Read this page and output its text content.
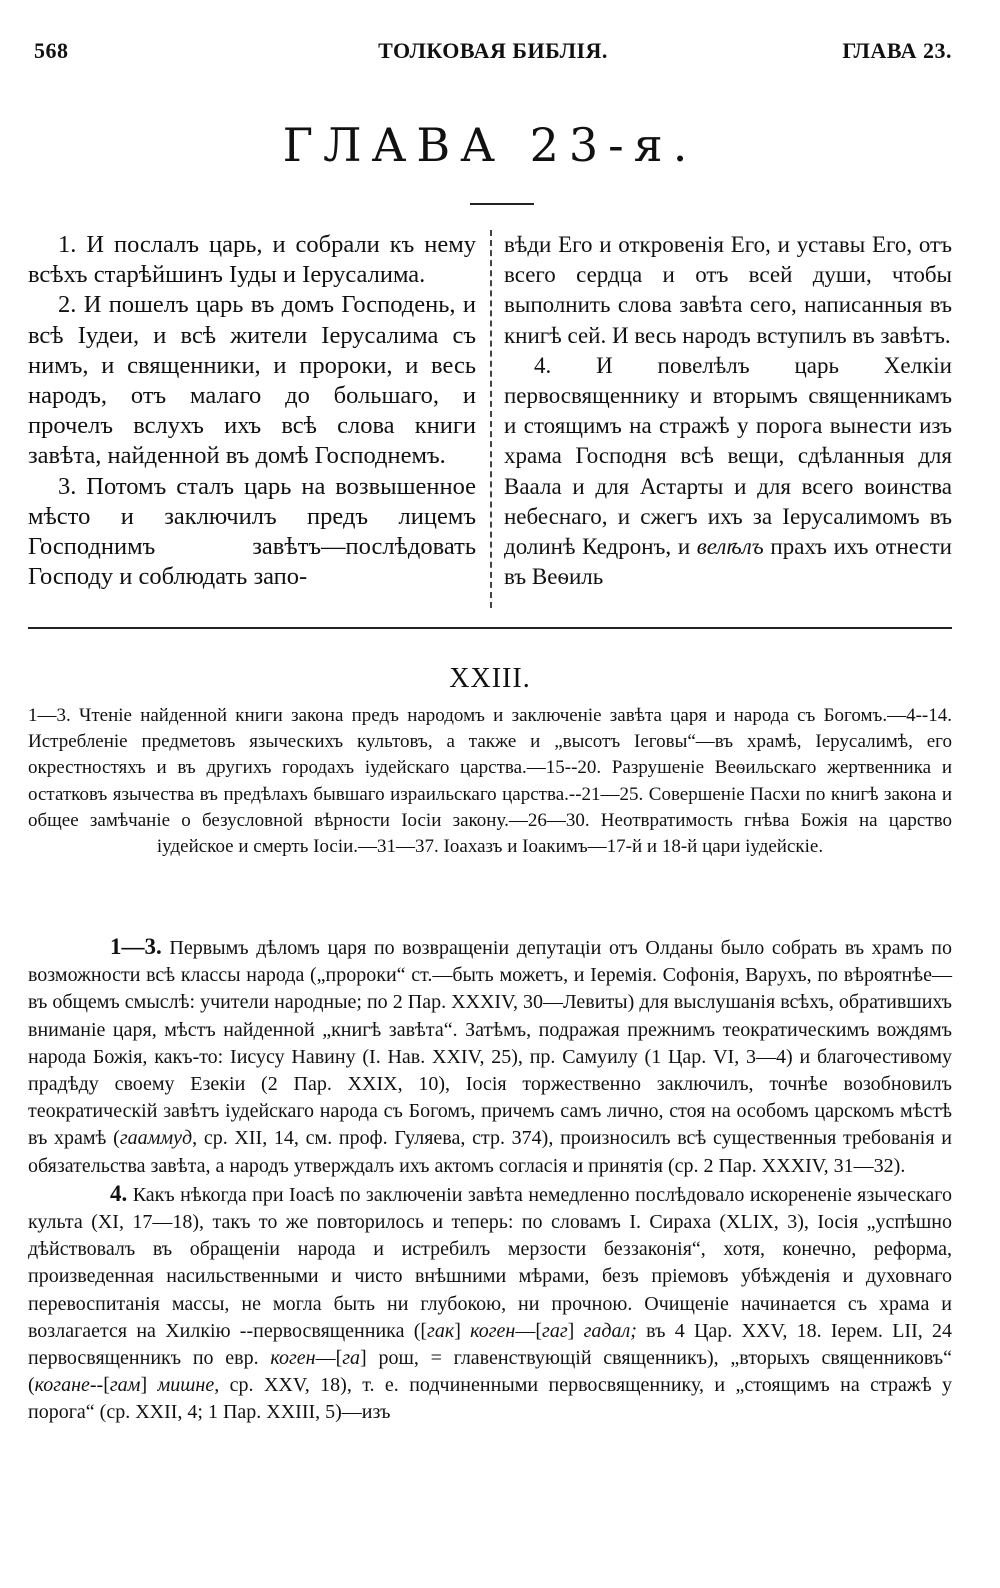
568	ТОЛКОВАЯ БИБЛІЯ.	ГЛАВА 23.
ГЛАВА 23-я.

1. И послалъ царь, и собрали къ нему всѣхъ старѣйшинъ Іуды и Іерусалима.

2. И пошелъ царь въ домъ Господень, и всѣ Іудеи, и всѣ жители Іерусалима съ нимъ, и священники, и пророки, и весь народъ, отъ малаго до большаго, и прочелъ вслухъ ихъ всѣ слова книги завѣта, найденной въ домѣ Господнемъ.

3. Потомъ сталъ царь на возвышенное мѣсто и заключилъ предъ лицемъ Господнимъ завѣтъ—послѣдовать Господу и соблюдать запо-

вѣди Его и откровенія Его, и уставы Его, отъ всего сердца и отъ всей души, чтобы выполнить слова завѣта сего, написанныя въ книгѣ сей. И весь народъ вступилъ въ завѣтъ.

4. И повелѣлъ царь Хелкіи первосвященнику и вторымъ священникамъ и стоящимъ на стражѣ у порога вынести изъ храма Господня всѣ вещи, сдѣланныя для Ваала и для Астарты и для всего воинства небеснаго, и сжегъ ихъ за Іерусалимомъ въ долинѣ Кедронъ, и велѣлъ прахъ ихъ отнести въ Веѳиль

XXIII.

1—3. Чтеніе найденной книги закона предъ народомъ и заключеніе завѣта царя и народа съ Богомъ.—4--14. Истребленіе предметовъ языческихъ культовъ, а также и „высотъ Іеговы“—въ храмѣ, Іерусалимѣ, его окрестностяхъ и въ другихъ городахъ іудейскаго царства.—15--20. Разрушеніе Веѳильскаго жертвенника и остатковъ язычества въ предѣлахъ бывшаго израильскаго царства.--21—25. Совершеніе Пасхи по книгѣ закона и общее замѣчаніе о безусловной вѣрности Іосіи закону.—26—30. Неотвратимость гнѣва Божія на царство іудейское и смерть Іосіи.—31—37. Іоахазъ и Іоакимъ—17-й и 18-й цари іудейскіе.

1—3. Первымъ дѣломъ царя по возвращеніи депутаціи отъ Олданы было собрать въ храмъ по возможности всѣ классы народа („пророки“ ст.—быть можетъ, и Іеремія. Софонія, Варухъ, по вѣроятнѣе—въ общемъ смыслѣ: учители народные; по 2 Пар. XXXIV, 30—Левиты) для выслушанія всѣхъ, обратившихъ вниманіе царя, мѣстъ найденной „книгѣ завѣта“. Затѣмъ, подражая прежнимъ теократическимъ вождямъ народа Божія, какъ-то: Іисусу Навину (І. Нав. XXIV, 25), пр. Самуилу (1 Цар. VI, 3—4) и благочестивому прадѣду своему Езекіи (2 Пар. XXIX, 10), Іосія торжественно заключилъ, точнѣе возобновилъ теократическій завѣтъ іудейскаго народа съ Богомъ, причемъ самъ лично, стоя на особомъ царскомъ мѣстѣ въ храмѣ (гааммуд, ср. XII, 14, см. проф. Гуляева, стр. 374), произносилъ всѣ существенныя требованія и обязательства завѣта, а народъ утверждалъ ихъ актомъ согласія и принятія (ср. 2 Пар. XXXIV, 31—32).

4. Какъ нѣкогда при Іоасѣ по заключеніи завѣта немедленно послѣдовало искорененіе языческаго культа (XI, 17—18), такъ то же повторилось и теперь: по словамъ І. Сираха (XLIX, 3), Іосія „успѣшно дѣйствовалъ въ обращеніи народа и истребилъ мерзости беззаконія“, хотя, конечно, реформа, произведенная насильственными и чисто внѣшними мѣрами, безъ пріемовъ убѣжденія и духовнаго перевоспитанія массы, не могла быть ни глубокою, ни прочною. Очищеніе начинается съ храма и возлагается на Хилкію --первосвященника ([гак] коген—[гаг] гадал; въ 4 Цар. XXV, 18. Іерем. LII, 24 первосвященникъ по евр. коген—[га] рош, = главенствующій священникъ), „вторыхъ священниковъ“ (когане--[гам] мишне, ср. XXV, 18), т. е. подчиненными первосвященнику, и „стоящимъ на стражѣ у порога“ (ср. XXII, 4; 1 Пар. XXIII, 5)—изъ
